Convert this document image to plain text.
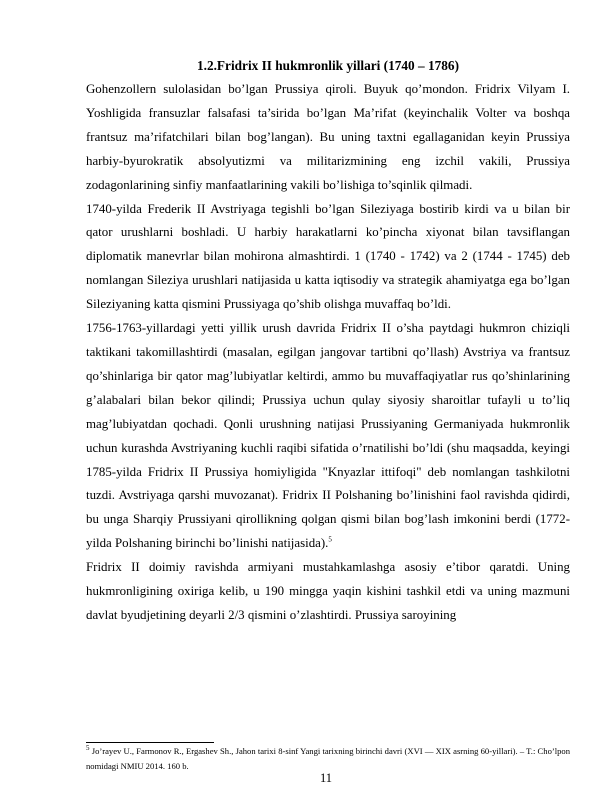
1.2.Fridrix II hukmronlik yillari (1740 – 1786)

Gohenzollern sulolasidan bo’lgan Prussiya qiroli. Buyuk qo’mondon. Fridrix Vilyam I. Yoshligida fransuzlar falsafasi ta’sirida bo’lgan Ma’rifat (keyinchalik Volter va boshqa frantsuz ma’rifatchilari bilan bog’langan). Bu uning taxtni egallaganidan keyin Prussiya harbiy-byurokratik absolyutizmi va militarizmining eng izchil vakili, Prussiya zodagonlarining sinfiy manfaatlarining vakili bo’lishiga to’sqinlik qilmadi.

1740-yilda Frederik II Avstriyaga tegishli bo’lgan Sileziyaga bostirib kirdi va u bilan bir qator urushlarni boshladi. U harbiy harakatlarni ko’pincha xiyonat bilan tavsiflangan diplomatik manevrlar bilan mohirona almashtirdi. 1 (1740 - 1742) va 2 (1744 - 1745) deb nomlangan Sileziya urushlari natijasida u katta iqtisodiy va strategik ahamiyatga ega bo’lgan Sileziyaning katta qismini Prussiyaga qo’shib olishga muvaffaq bo’ldi.

1756-1763-yillardagi yetti yillik urush davrida Fridrix II o’sha paytdagi hukmron chiziqli taktikani takomillashtirdi (masalan, egilgan jangovar tartibni qo’llash) Avstriya va frantsuz qo’shinlariga bir qator mag’lubiyatlar keltirdi, ammo bu muvaffaqiyatlar rus qo’shinlarining g’alabalari bilan bekor qilindi; Prussiya uchun qulay siyosiy sharoitlar tufayli u to’liq mag’lubiyatdan qochadi. Qonli urushning natijasi Prussiyaning Germaniyada hukmronlik uchun kurashda Avstriyaning kuchli raqibi sifatida o’rnatilishi bo’ldi (shu maqsadda, keyingi 1785-yilda Fridrix II Prussiya homiyligida "Knyazlar ittifoqi" deb nomlangan tashkilotni tuzdi. Avstriyaga qarshi muvozanat). Fridrix II Polshaning bo’linishini faol ravishda qidirdi, bu unga Sharqiy Prussiyani qirollikning qolgan qismi bilan bog’lash imkonini berdi (1772-yilda Polshaning birinchi bo’linishi natijasida).$^5$

Fridrix II doimiy ravishda armiyani mustahkamlashga asosiy e’tibor qaratdi. Uning hukmronligining oxiriga kelib, u 190 mingga yaqin kishini tashkil etdi va uning mazmuni davlat byudjetining deyarli 2/3 qismini o’zlashtirdi. Prussiya saroyining

$^5$ Jo’rayev U., Farmonov R., Ergashev Sh., Jahon tarixi 8-sinf Yangi tarixning birinchi davri (XVI — XIX asrning 60-yillari). – T.: Cho’lpon nomidagi NMIU 2014. 160 b.
11
